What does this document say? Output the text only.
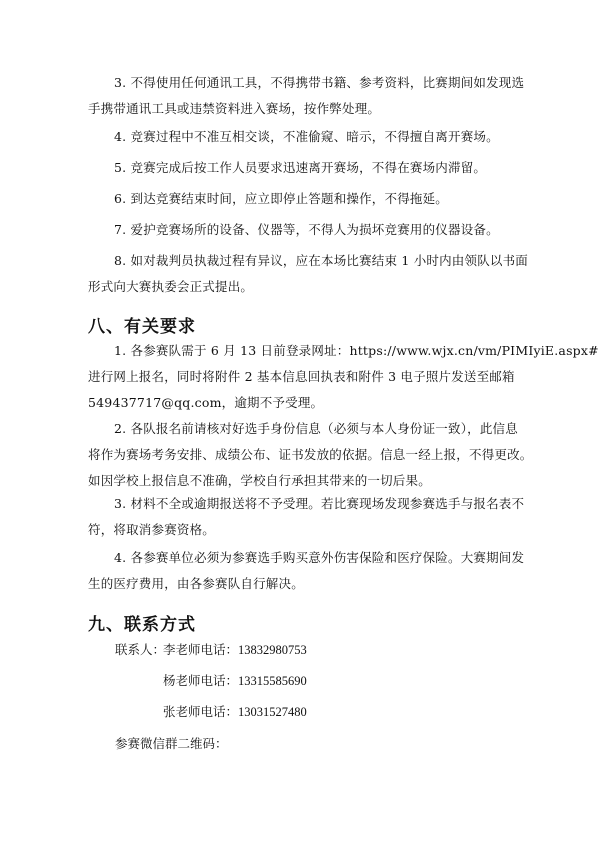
3. 不得使用任何通讯工具，不得携带书籍、参考资料，比赛期间如发现选
手携带通讯工具或违禁资料进入赛场，按作弊处理。
4. 竞赛过程中不准互相交谈，不准偷窥、暗示，不得擅自离开赛场。
5. 竞赛完成后按工作人员要求迅速离开赛场，不得在赛场内滞留。
6. 到达竞赛结束时间，应立即停止答题和操作，不得拖延。
7. 爱护竞赛场所的设备、仪器等，不得人为损坏竞赛用的仪器设备。
8. 如对裁判员执裁过程有异议，应在本场比赛结束 1 小时内由领队以书面
形式向大赛执委会正式提出。
八、有关要求
1. 各参赛队需于 6 月 13 日前登录网址：https://www.wjx.cn/vm/PIMIyiE.aspx#
进行网上报名，同时将附件 2 基本信息回执表和附件 3 电子照片发送至邮箱
549437717@qq.com，逾期不予受理。
2. 各队报名前请核对好选手身份信息（必须与本人身份证一致），此信息
将作为赛场考务安排、成绩公布、证书发放的依据。信息一经上报，不得更改。
如因学校上报信息不准确，学校自行承担其带来的一切后果。
3. 材料不全或逾期报送将不予受理。若比赛现场发现参赛选手与报名表不
符，将取消参赛资格。
4. 各参赛单位必须为参赛选手购买意外伤害保险和医疗保险。大赛期间发
生的医疗费用，由各参赛队自行解决。
九、联系方式
联系人：
李老师电话：13832980753
杨老师电话：13315585690
张老师电话：13031527480
参赛微信群二维码：
